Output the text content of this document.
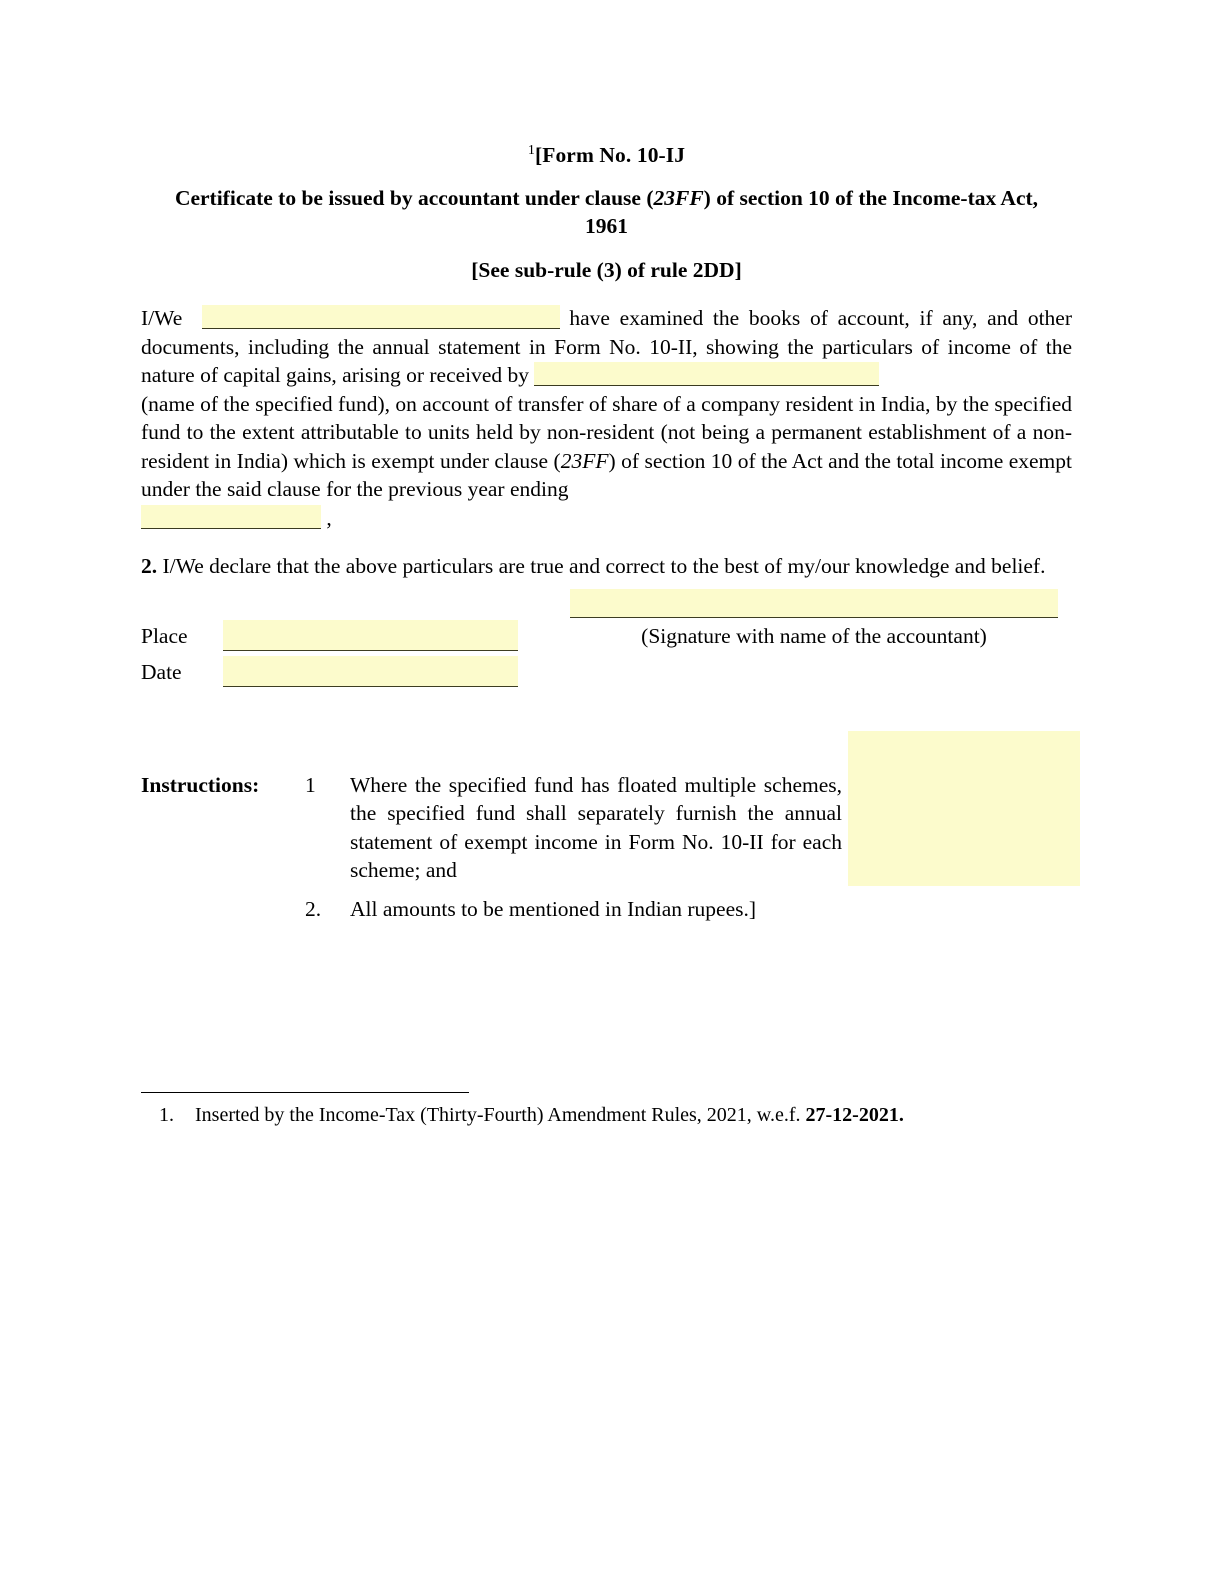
$^1$[Form No. 10-IJ
Certificate to be issued by accountant under clause (23FF) of section 10 of the Income-tax Act, 1961
[See sub-rule (3) of rule 2DD]

I/We	have examined the books of account, if any, and other documents, including the annual statement in Form No. 10-II, showing the particulars of income of the nature of capital gains, arising or received by
(name of the specified fund), on account of transfer of share of a company resident in India, by the specified fund to the extent attributable to units held by non-resident (not being a permanent establishment of a non-resident in India) which is exempt under clause (23FF) of section 10 of the Act and the total income exempt under the said clause for the previous year ending
,

2. I/We declare that the above particulars are true and correct to the best of my/our knowledge and belief.

(Signature with name of the accountant)
Place
Date
Instructions:	1	Where the specified fund has floated multiple schemes, the specified fund shall separately furnish the annual statement of exempt income in Form No. 10-II for each scheme; and
2.	All amounts to be mentioned in Indian rupees.]
1.	Inserted by the Income-Tax (Thirty-Fourth) Amendment Rules, 2021, w.e.f. 27-12-2021.
